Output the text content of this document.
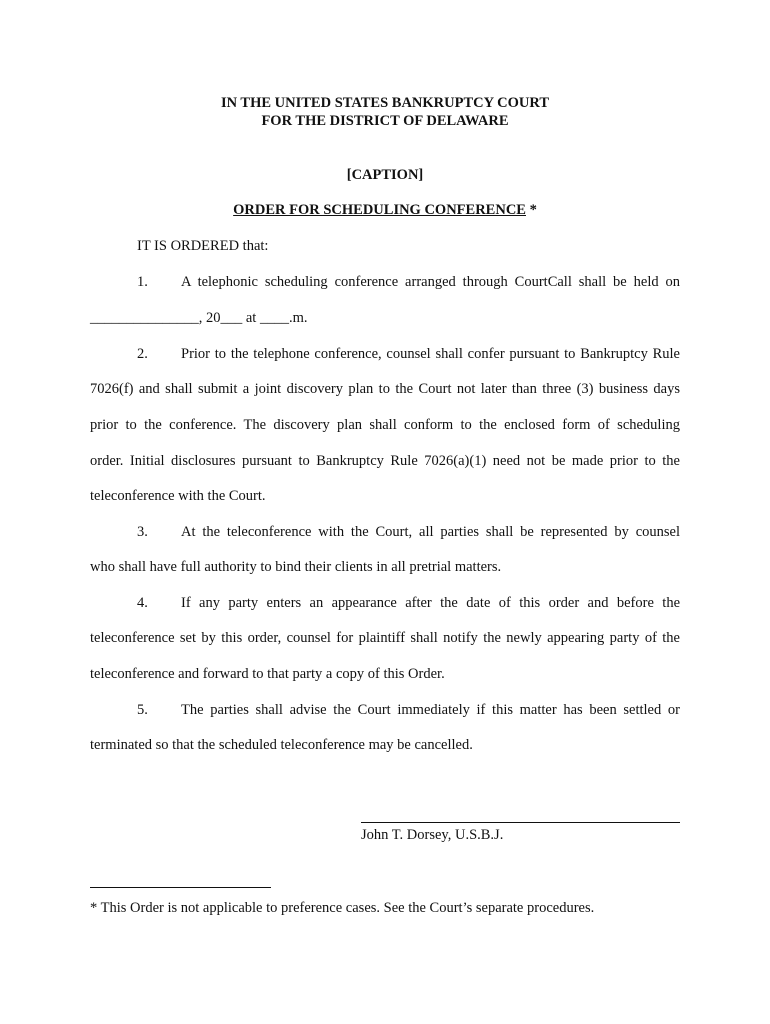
IN THE UNITED STATES BANKRUPTCY COURT
FOR THE DISTRICT OF DELAWARE
[CAPTION]
ORDER FOR SCHEDULING CONFERENCE *
IT IS ORDERED that:
1. A telephonic scheduling conference arranged through CourtCall shall be held on
_______________, 20___ at ____.m.
2. Prior to the telephone conference, counsel shall confer pursuant to Bankruptcy Rule
7026(f) and shall submit a joint discovery plan to the Court not later than three (3) business days
prior to the conference. The discovery plan shall conform to the enclosed form of scheduling
order. Initial disclosures pursuant to Bankruptcy Rule 7026(a)(1) need not be made prior to the
teleconference with the Court.
3. At the teleconference with the Court, all parties shall be represented by counsel
who shall have full authority to bind their clients in all pretrial matters.
4. If any party enters an appearance after the date of this order and before the
teleconference set by this order, counsel for plaintiff shall notify the newly appearing party of the
teleconference and forward to that party a copy of this Order.
5. The parties shall advise the Court immediately if this matter has been settled or
terminated so that the scheduled teleconference may be cancelled.
John T. Dorsey, U.S.B.J.
* This Order is not applicable to preference cases. See the Court’s separate procedures.
